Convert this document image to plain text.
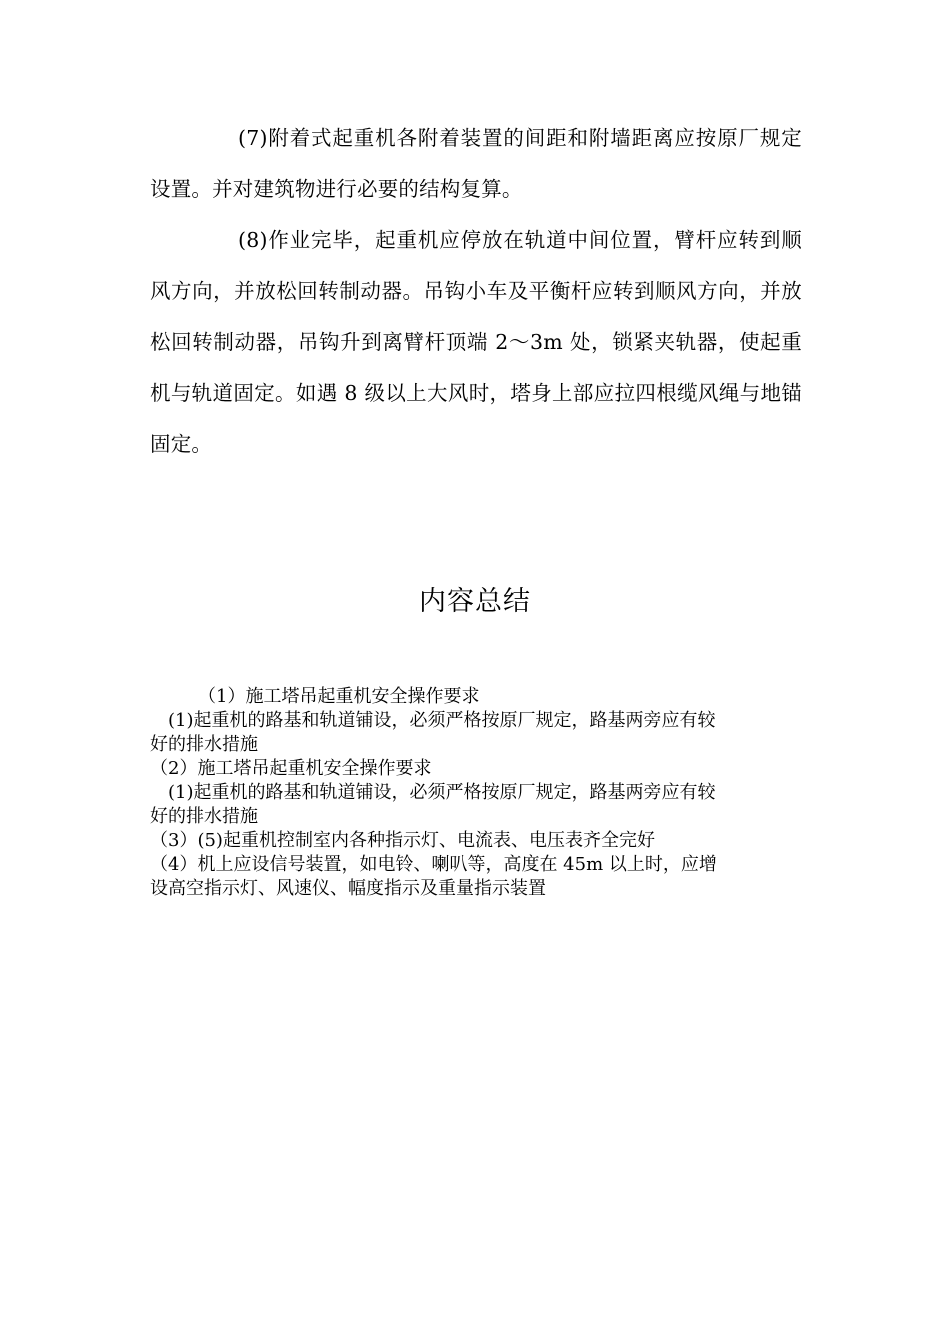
(7)附着式起重机各附着装置的间距和附墙距离应按原厂规定设置。并对建筑物进行必要的结构复算。

(8)作业完毕，起重机应停放在轨道中间位置，臂杆应转到顺风方向，并放松回转制动器。吊钩小车及平衡杆应转到顺风方向，并放松回转制动器，吊钩升到离臂杆顶端 2～3m 处，锁紧夹轨器，使起重机与轨道固定。如遇 8 级以上大风时，塔身上部应拉四根缆风绳与地锚固定。

内容总结
（1）施工塔吊起重机安全操作要求
(1)起重机的路基和轨道铺设，必须严格按原厂规定，路基两旁应有较
好的排水措施
（2）施工塔吊起重机安全操作要求
(1)起重机的路基和轨道铺设，必须严格按原厂规定，路基两旁应有较
好的排水措施
（3）(5)起重机控制室内各种指示灯、电流表、电压表齐全完好
（4）机上应设信号装置，如电铃、喇叭等，高度在 45m 以上时，应增
设高空指示灯、风速仪、幅度指示及重量指示装置
